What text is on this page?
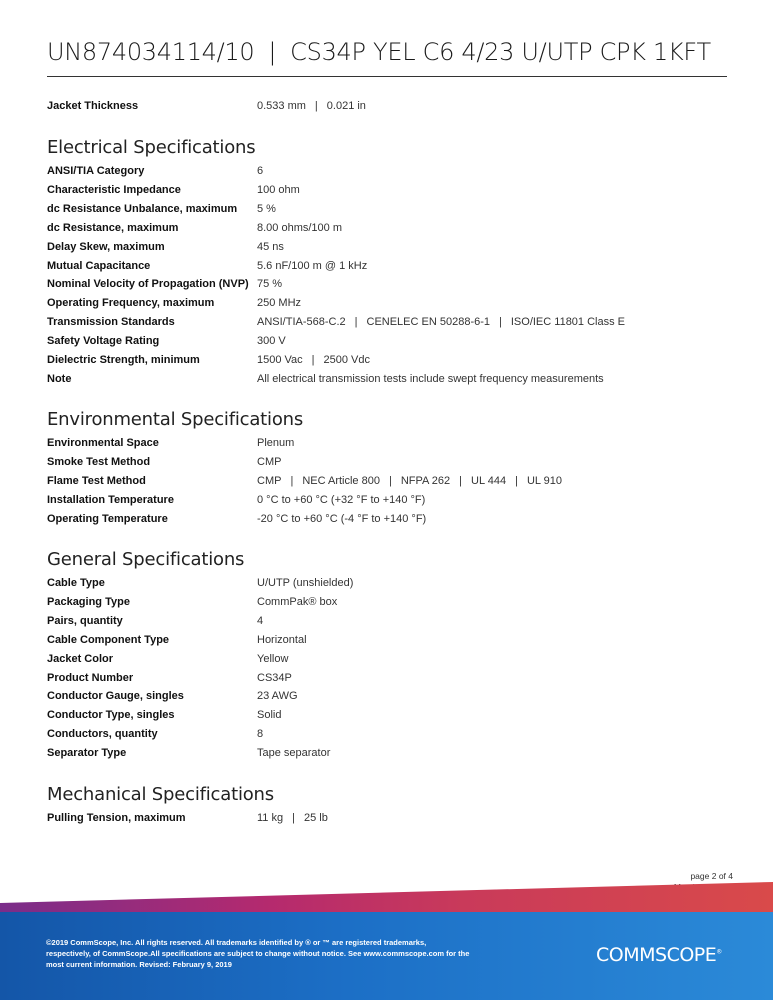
UN874034114/10 | CS34P YEL C6 4/23 U/UTP CPK 1KFT
Jacket Thickness	0.533 mm | 0.021 in
Electrical Specifications
ANSI/TIA Category	6
Characteristic Impedance	100 ohm
dc Resistance Unbalance, maximum	5 %
dc Resistance, maximum	8.00 ohms/100 m
Delay Skew, maximum	45 ns
Mutual Capacitance	5.6 nF/100 m @ 1 kHz
Nominal Velocity of Propagation (NVP) 75 %
Operating Frequency, maximum	250 MHz
Transmission Standards	ANSI/TIA-568-C.2 | CENELEC EN 50288-6-1 | ISO/IEC 11801 Class E
Safety Voltage Rating	300 V
Dielectric Strength, minimum	1500 Vac | 2500 Vdc
Note	All electrical transmission tests include swept frequency measurements
Environmental Specifications
Environmental Space	Plenum
Smoke Test Method	CMP
Flame Test Method	CMP | NEC Article 800 | NFPA 262 | UL 444 | UL 910
Installation Temperature	0 °C to +60 °C (+32 °F to +140 °F)
Operating Temperature	-20 °C to +60 °C (-4 °F to +140 °F)
General Specifications
Cable Type	U/UTP (unshielded)
Packaging Type	CommPak® box
Pairs, quantity	4
Cable Component Type	Horizontal
Jacket Color	Yellow
Product Number	CS34P
Conductor Gauge, singles	23 AWG
Conductor Type, singles	Solid
Conductors, quantity	8
Separator Type	Tape separator
Mechanical Specifications
Pulling Tension, maximum	11 kg | 25 lb
page 2 of 4
©2019 CommScope, Inc. All rights reserved. All trademarks identified by ® or ™ are registered trademarks,
respectively, of CommScope.All specifications are subject to change without notice. See www.commscope.com for the
most current information. Revised: February 9, 2019	COMMSCOPE®
